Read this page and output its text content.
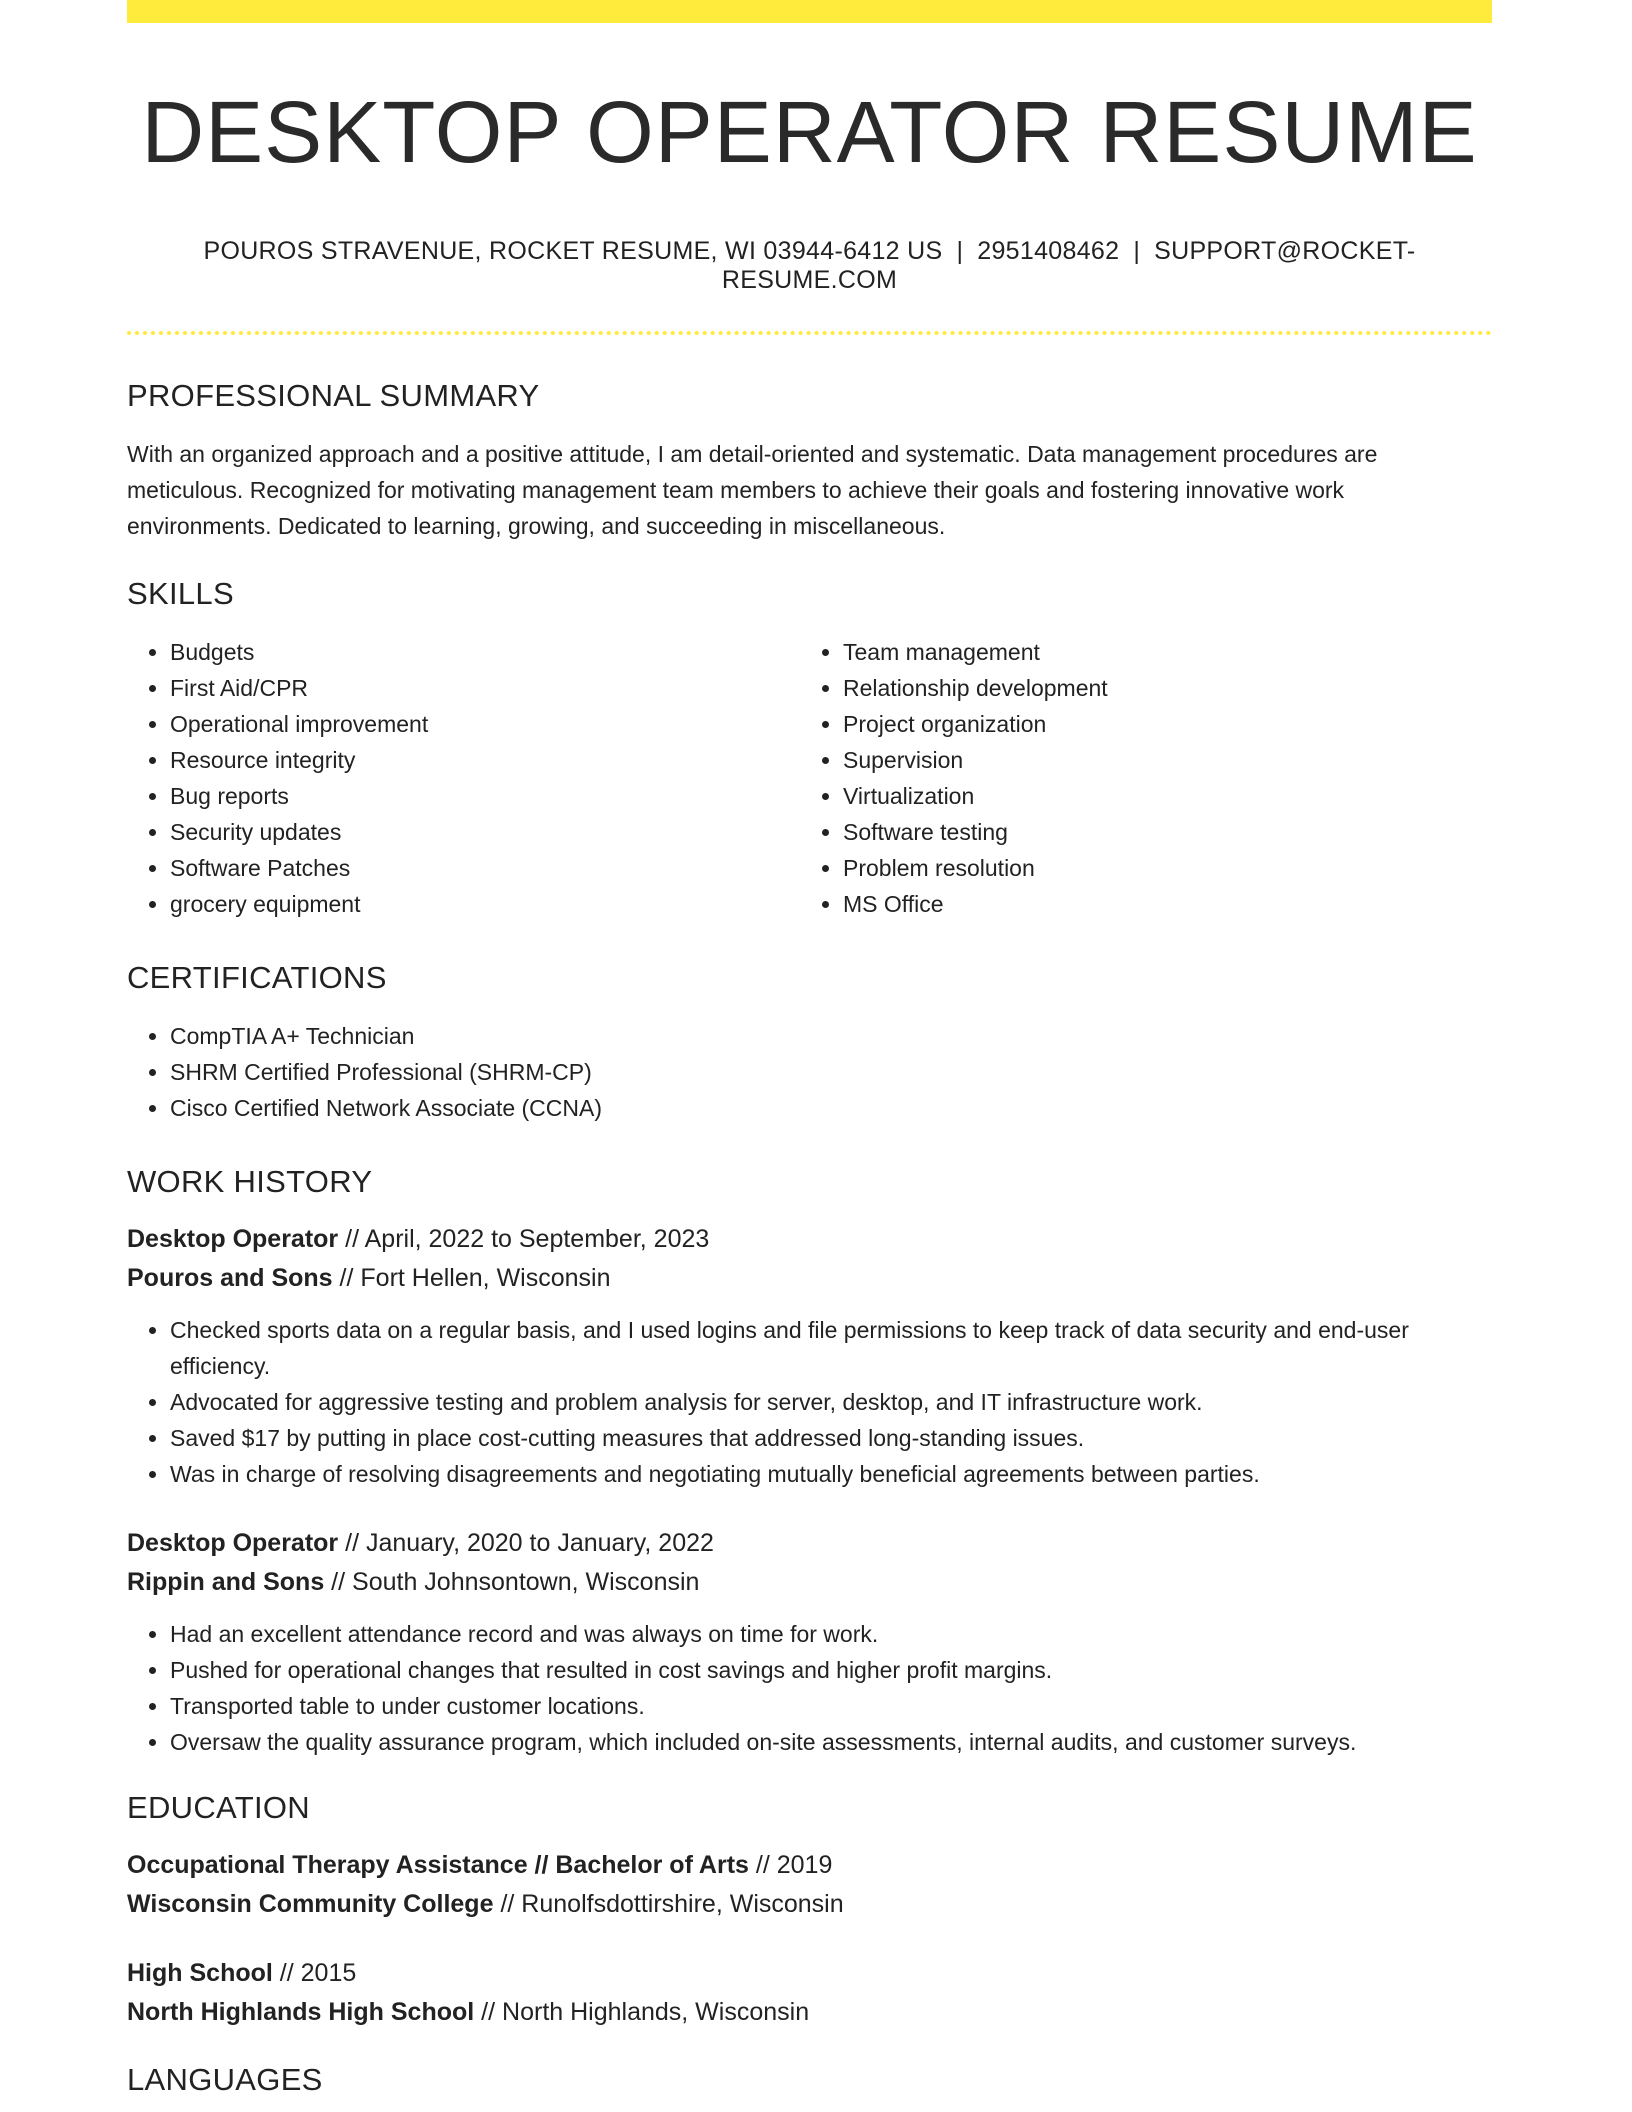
DESKTOP OPERATOR RESUME
POUROS STRAVENUE, ROCKET RESUME, WI 03944-6412 US | 2951408462 | SUPPORT@ROCKET-RESUME.COM
PROFESSIONAL SUMMARY

With an organized approach and a positive attitude, I am detail-oriented and systematic. Data management procedures are meticulous. Recognized for motivating management team members to achieve their goals and fostering innovative work environments. Dedicated to learning, growing, and succeeding in miscellaneous.

SKILLS
• Budgets
• First Aid/CPR
• Operational improvement
• Resource integrity
• Bug reports
• Security updates
• Software Patches
• grocery equipment
• Team management
• Relationship development
• Project organization
• Supervision
• Virtualization
• Software testing
• Problem resolution
• MS Office
CERTIFICATIONS
• CompTIA A+ Technician
• SHRM Certified Professional (SHRM-CP)
• Cisco Certified Network Associate (CCNA)
WORK HISTORY
Desktop Operator // April, 2022 to September, 2023
Pouros and Sons // Fort Hellen, Wisconsin
• Checked sports data on a regular basis, and I used logins and file permissions to keep track of data security and end-user efficiency.
• Advocated for aggressive testing and problem analysis for server, desktop, and IT infrastructure work.
• Saved $17 by putting in place cost-cutting measures that addressed long-standing issues.
• Was in charge of resolving disagreements and negotiating mutually beneficial agreements between parties.
Desktop Operator // January, 2020 to January, 2022
Rippin and Sons // South Johnsontown, Wisconsin
• Had an excellent attendance record and was always on time for work.
• Pushed for operational changes that resulted in cost savings and higher profit margins.
• Transported table to under customer locations.
• Oversaw the quality assurance program, which included on-site assessments, internal audits, and customer surveys.
EDUCATION
Occupational Therapy Assistance // Bachelor of Arts // 2019
Wisconsin Community College // Runolfsdottirshire, Wisconsin
High School // 2015
North Highlands High School // North Highlands, Wisconsin
LANGUAGES
